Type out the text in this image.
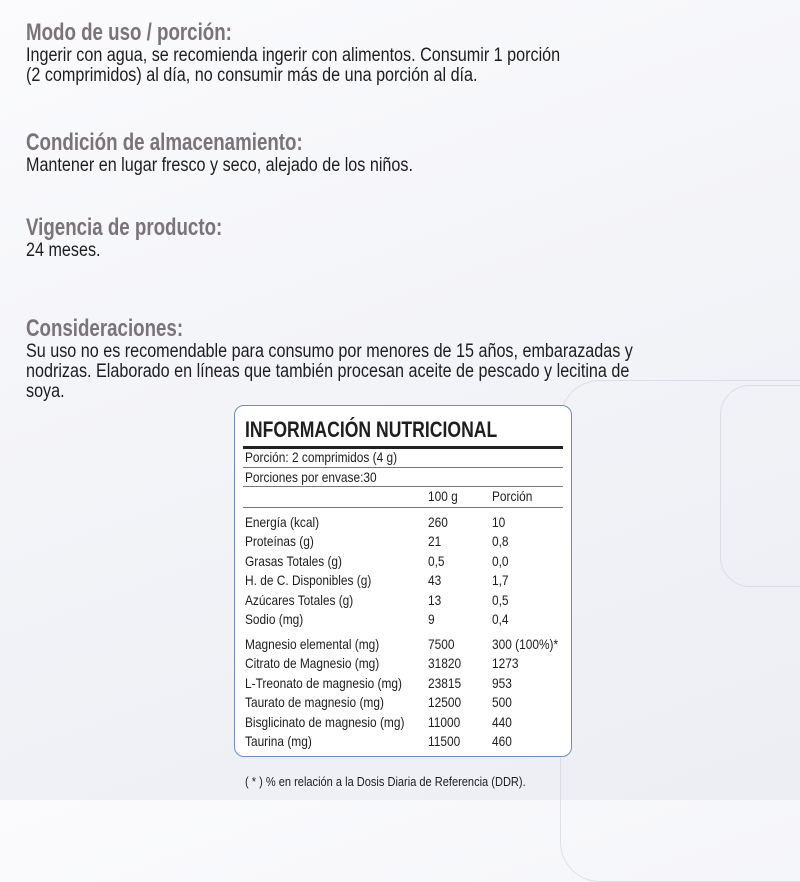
Modo de uso / porción:

Ingerir con agua, se recomienda ingerir con alimentos. Consumir 1 porción
(2 comprimidos) al día, no consumir más de una porción al día.

Condición de almacenamiento:

Mantener en lugar fresco y seco, alejado de los niños.

Vigencia de producto:

24 meses.

Consideraciones:

Su uso no es recomendable para consumo por menores de 15 años, embarazadas y
nodrizas. Elaborado en líneas que también procesan aceite de pescado y lecitina de
soya.

INFORMACIÓN NUTRICIONAL
Porción: 2 comprimidos (4 g)
Porciones por envase:30
100 g Porción
Energía (kcal)	260	10
Proteínas (g)	21	0,8
Grasas Totales (g)	0,5	0,0
H. de C. Disponibles (g)	43	1,7
Azúcares Totales (g)	13	0,5
Sodio (mg)	9	0,4
Magnesio elemental (mg)	7500	300 (100%)*
Citrato de Magnesio (mg)	31820 1273
L-Treonato de magnesio (mg) 23815 953
Taurato de magnesio (mg)	12500 500
Bisglicinato de magnesio (mg) 11000 440
Taurina (mg)	11500 460
( * ) % en relación a la Dosis Diaria de Referencia (DDR).
